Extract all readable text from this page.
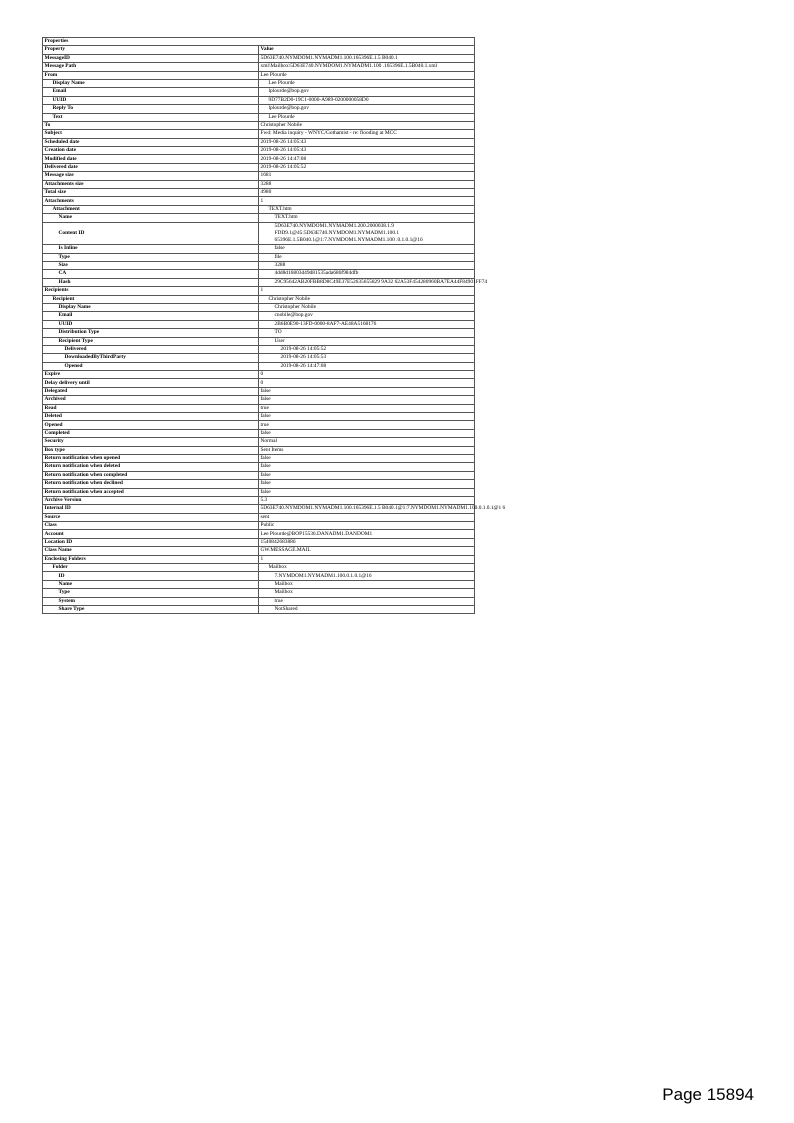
Properties	
Property	Value
MessageID	5D63E740.NYMDOM1.NYMADM1.100.165396E.1.5 B040.1
Message Path	xml\Mailbox\5D63E740.NYMDOM1.NYMADM1.100 .165396E.1.5B040.1.xml
From	Lee Plourde
Display Name	Lee Plourde
Email	lplourde@bop.gov
UUID	9D77B2D0-19C1-0000-A989-0200000058D0
Reply To	lplourde@bop.gov
Text	Lee Plourde
To	Christopher Nobile
Subject	Fwd: Media inquiry - WNYC/Gothamist - re: flooding at MCC
Scheduled date	2019-08-26 14:05:43
Creation date	2019-08-26 14:05:43
Modified date	2019-08-26 14:47:08
Delivered date	2019-08-26 14:05:52
Message size	1681
Attachments size	3288
Total size	4980
Attachments	1
Attachment	TEXT.htm
Name	TEXT.htm
Content ID	5D63E740.NYMDOM1.NYMADM1.200.2000038.1.9
FDD9.1@45:5D63E740.NYMDOM1.NYMADM1.100.1
65396E.1.5B040.1@1:7.NYMDOM1.NYMADM1.100 .0.1.0.1@16

Is Inline	false
Type	file
Size	3288
CA	4dd8d16803d49d81535ada686f984dfb
Hash	29C95642AB20FBB8D8C49E37E52635655829 9A32 62A53F454280960BA7EA44F84901FF74
Recipients	1
Recipient	Christopher Nobile
Display Name	Christopher Nobile
Email	cnobile@bop.gov
UUID	2B6B0E90-13FD-0000-8AF7-AE48A5168176
Distribution Type	TO
Recipient Type	User
Delivered	2019-08-26 14:05:52
DownloadedByThirdParty	2019-08-26 14:05:53
Opened	2019-08-26 14:47:08
Expire	0
Delay delivery until	0
Delegated	false
Archived	false
Read	true
Deleted	false
Opened	true
Completed	false
Security	Normal
Box type	Sent Items
Return notification when opened	false
Return notification when deleted	false
Return notification when completed	false
Return notification when declined	false
Return notification when accepted	false
Archive Version	5.3
Internal ID	5D63E740.NYMDOM1.NYMADM1.100.165396E.1.5 B040.1@1:7.NYMDOM1.NYMADM1.100.0.1.0.1@1 6
Source	sent
Class	Public
Account	Lee Plourde@BOP15536.DANADM1.DANDOM1
Location ID	1540842683886
Class Name	GW.MESSAGE.MAIL
Enclosing Folders	1
Folder	Mailbox
ID	7.NYMDOM1.NYMADM1.100.0.1.0.1@16
Name	Mailbox
Type	Mailbox
System	true
Share Type	NotShared
Page 15894
